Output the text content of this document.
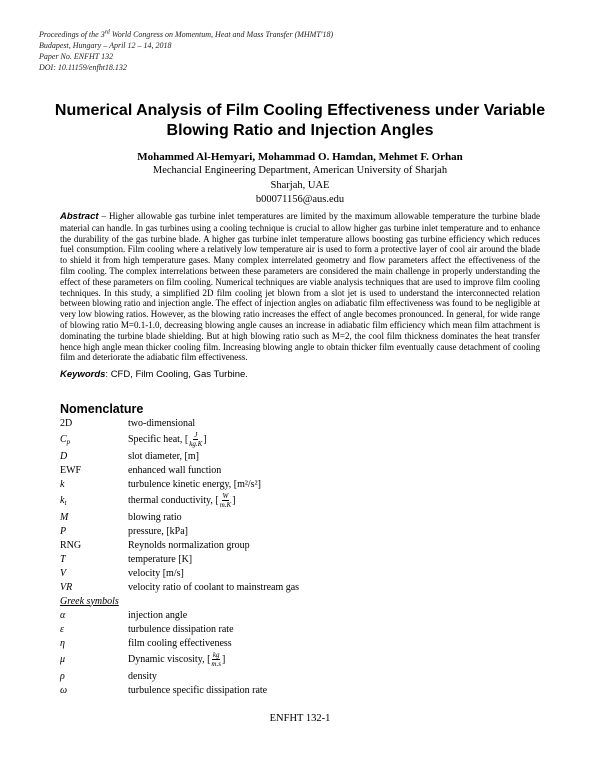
Proceedings of the 3rd World Congress on Momentum, Heat and Mass Transfer (MHMT'18)
Budapest, Hungary – April 12 – 14, 2018
Paper No. ENFHT 132
DOI: 10.11159/enfht18.132
Numerical Analysis of Film Cooling Effectiveness under Variable
Blowing Ratio and Injection Angles
Mohammed Al-Hemyari, Mohammad O. Hamdan, Mehmet F. Orhan
Mechancial Engineering Department, American University of Sharjah
Sharjah, UAE
b00071156@aus.edu
Abstract – Higher allowable gas turbine inlet temperatures are limited by the maximum allowable temperature the turbine blade material can handle. In gas turbines using a cooling technique is crucial to allow higher gas turbine inlet temperature and to enhance the durability of the gas turbine blade. A higher gas turbine inlet temperature allows boosting gas turbine efficiency which reduces fuel consumption. Film cooling where a relatively low temperature air is used to form a protective layer of cool air around the blade to shield it from high temperature gases. Many complex interrelated geometry and flow parameters affect the effectiveness of the film cooling. The complex interrelations between these parameters are considered the main challenge in properly understanding the effect of these parameters on film cooling. Numerical techniques are viable analysis techniques that are used to improve film cooling techniques. In this study, a simplified 2D film cooling jet blown from a slot jet is used to understand the interconnected relation between blowing ratio and injection angle. The effect of injection angles on adiabatic film effectiveness was found to be negligible at very low blowing ratios. However, as the blowing ratio increases the effect of angle becomes pronounced. In general, for wide range of blowing ratio M=0.1-1.0, decreasing blowing angle causes an increase in adiabatic film efficiency which mean film attachment is dominating the turbine blade shielding. But at high blowing ratio such as M=2, the cool film thickness dominates the heat transfer hence high angle mean thicker cooling film. Increasing blowing angle to obtain thicker film eventually cause detachment of cooling film and deteriorate the adiabatic film effectiveness.
Keywords: CFD, Film Cooling, Gas Turbine.
Nomenclature
2D	two-dimensional
$C_p$	Specific heat, [ $\frac{J}{kg.K}$ ]
D	slot diameter, [m]
EWF	enhanced wall function
k	turbulence kinetic energy, [m²/s²]
$k_t$	thermal conductivity, [ $\frac{W}{m.K}$ ]
M	blowing ratio
P	pressure, [kPa]
RNG	Reynolds normalization group
T	temperature [K]
V	velocity [m/s]
VR	velocity ratio of coolant to mainstream gas
Greek symbols
α	injection angle
ε	turbulence dissipation rate
η	film cooling effectiveness
μ	Dynamic viscosity, [ $\frac{kg}{m.s}$ ]
ρ	density
ω	turbulence specific dissipation rate
ENFHT 132-1
